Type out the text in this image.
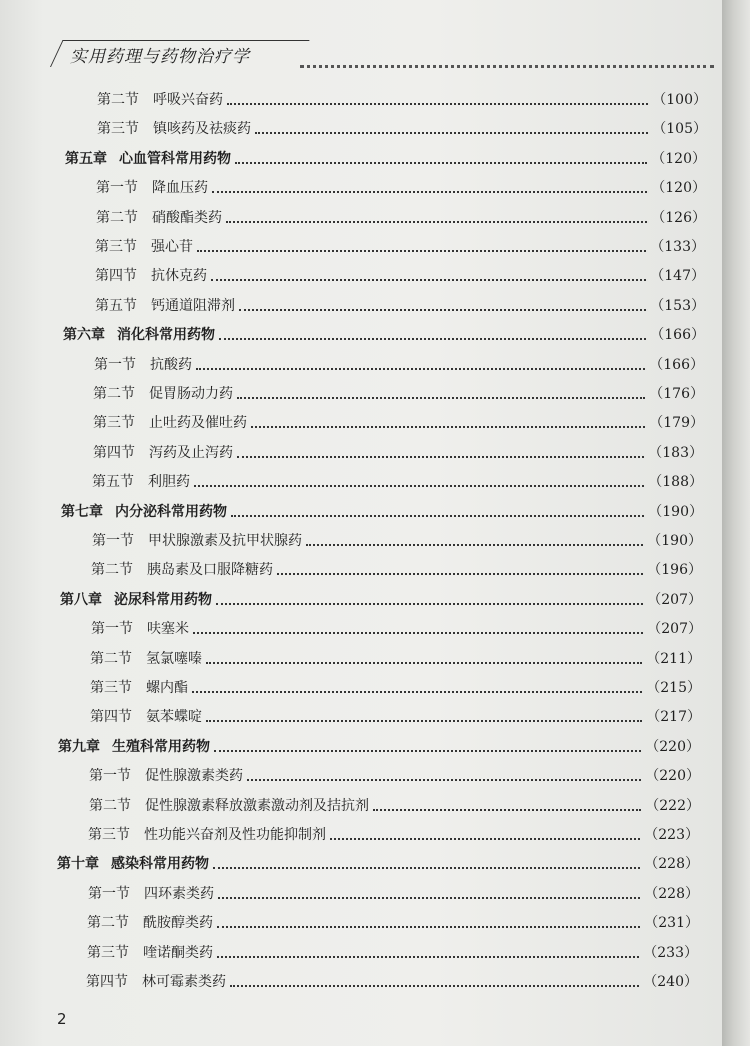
实用药理与药物治疗学
第二节 呼吸兴奋药	（100）
第三节 镇咳药及祛痰药	（105）
第五章 心血管科常用药物	（120）
第一节 降血压药	（120）
第二节 硝酸酯类药	（126）
第三节 强心苷	（133）
第四节 抗休克药	（147）
第五节 钙通道阻滞剂	（153）
第六章 消化科常用药物	（166）
第一节 抗酸药	（166）
第二节 促胃肠动力药	（176）
第三节 止吐药及催吐药	（179）
第四节 泻药及止泻药	（183）
第五节 利胆药	（188）
第七章 内分泌科常用药物	（190）
第一节 甲状腺激素及抗甲状腺药	（190）
第二节 胰岛素及口服降糖药	（196）
第八章 泌尿科常用药物	（207）
第一节 呋塞米	（207）
第二节 氢氯噻嗪	（211）
第三节 螺内酯	（215）
第四节 氨苯蝶啶	（217）
第九章 生殖科常用药物	（220）
第一节 促性腺激素类药	（220）
第二节 促性腺激素释放激素激动剂及拮抗剂	（222）
第三节 性功能兴奋剂及性功能抑制剂	（223）
第十章 感染科常用药物	（228）
第一节 四环素类药	（228）
第二节 酰胺醇类药	（231）
第三节 喹诺酮类药	（233）
第四节 林可霉素类药	（240）
2
